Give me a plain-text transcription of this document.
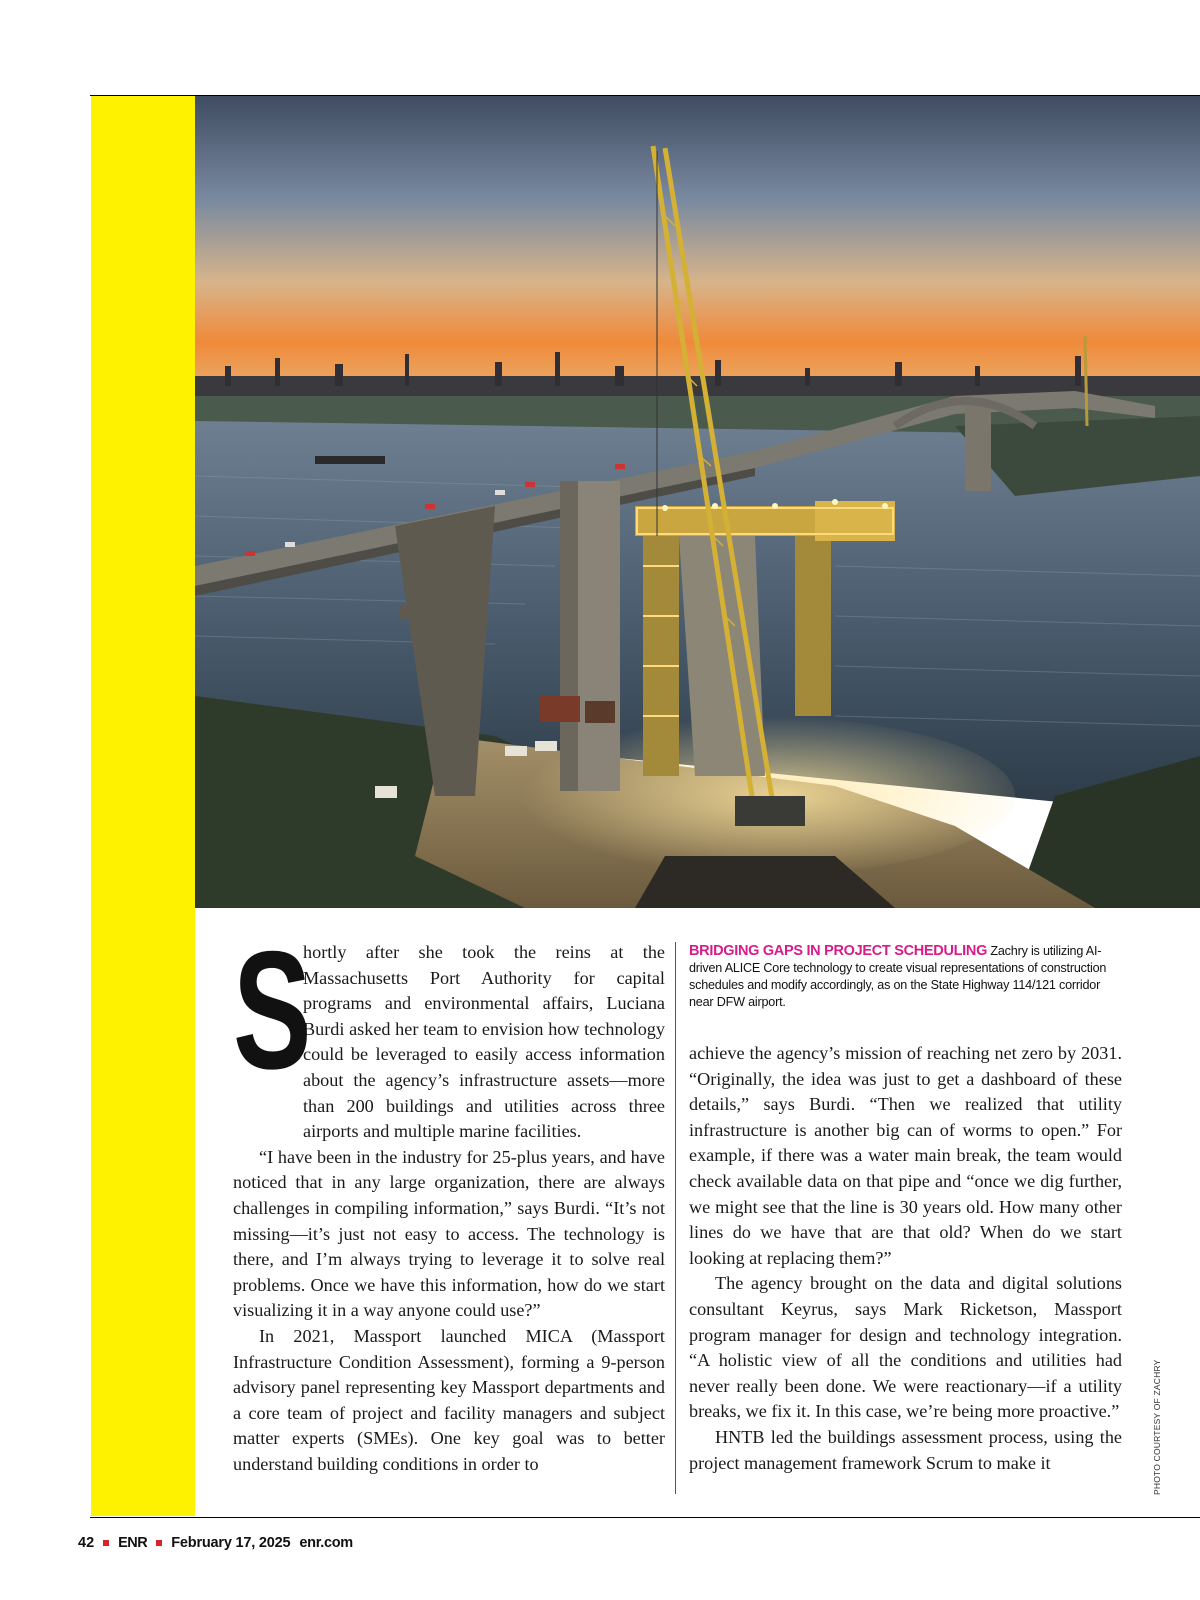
S

hortly after she took the reins at the Massachusetts Port Authority for capital programs and environmental affairs, Luciana Burdi asked her team to envision how technology could be leveraged to easily access information about the agency’s infrastructure assets—more than 200 buildings and utilities across three airports and multiple marine facilities.

“I have been in the industry for 25-plus years, and have noticed that in any large organization, there are always challenges in compiling information,” says Burdi. “It’s not missing—it’s just not easy to access. The technology is there, and I’m always trying to leverage it to solve real problems. Once we have this information, how do we start visualizing it in a way anyone could use?”

In 2021, Massport launched MICA (Massport Infrastructure Condition Assessment), forming a 9-person advisory panel representing key Massport departments and a core team of project and facility managers and subject matter experts (SMEs). One key goal was to better understand building conditions in order to

BRIDGING GAPS IN PROJECT SCHEDULING Zachry is utilizing AI-driven ALICE Core technology to create visual representations of construction schedules and modify accordingly, as on the State Highway 114/121 corridor near DFW airport.

achieve the agency’s mission of reaching net zero by 2031. “Originally, the idea was just to get a dashboard of these details,” says Burdi. “Then we realized that utility infrastructure is another big can of worms to open.” For example, if there was a water main break, the team would check available data on that pipe and “once we dig further, we might see that the line is 30 years old. How many other lines do we have that are that old? When do we start looking at replacing them?”

The agency brought on the data and digital solutions consultant Keyrus, says Mark Ricketson, Massport program manager for design and technology integration. “A holistic view of all the conditions and utilities had never really been done. We were reactionary—if a utility breaks, we fix it. In this case, we’re being more proactive.”

HNTB led the buildings assessment process, using the project management framework Scrum to make it	PHOTO COURTESY OF ZACHRY
42 ENR February 17, 2025 enr.com
